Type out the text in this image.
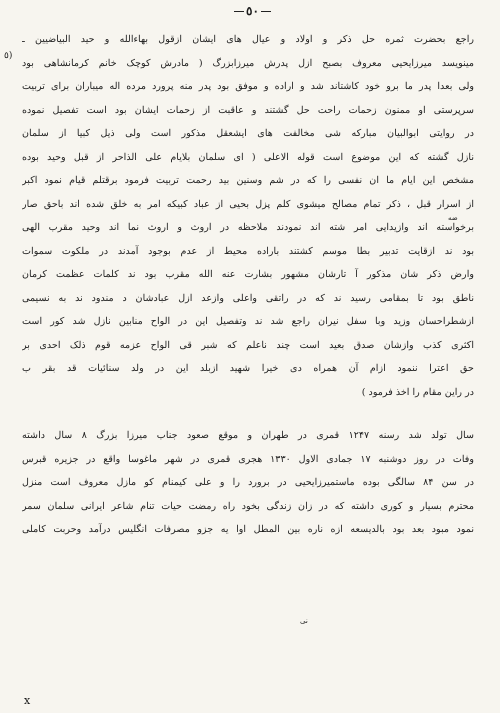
٥٠
٥)
ضه
نی
راجع بحضرت ثمره حل ذکر و اولاد و عیال های ایشان ازقول بهاءالله و حید البیاضیین ـ
مینویسد میرزایحیی معروف بصبح ازل پدرش میرزابزرگ ( مادرش کوچک خانم کرمانشاهی بود
ولی بعدا پدر ما برو خود کاشتاند شد و اراده و موفق بود پدر منه پرورد مرده اله میباران برای تربیت
سرپرستی او ممنون زحمات راحت حل گشتند و عاقبت از زحمات ایشان بود است تفصیل نموده
در روایتی ابوالبیان مبارکه شی مخالفت های ایشعقل مذکور است ولی ذیل کبیا از سلمان
نازل گشته که این موضوع است قوله الاعلی ( ای سلمان بلایام علی الذاحر از قبل وحید بوده
مشخص این ایام ما ان نفسی را که در شم وسنین بید رحمت تربیت فرمود برقتلم قیام نمود اکبر
از اسرار قبل ، ذکر تمام مصالح میشوی کلم پزل بحیی از عباد کبیکه امر به خلق شده اند باحق صار
برخواسته اند وازیدایی امر شته اند نمودند ملاحظه در اروث و اروث نما اند وحید مقرب الهی
بود ند ازقایت تدبیر بطا موسم کشتند باراده محیط از عدم بوجود آمدند در ملکوت سموات
وارض ذکر شان مذکور آ تارشان مشهور بشارت عنه الله مقرب بود ند کلمات عظمت کرمان
ناطق بود تا بمقامی رسید ند که در راتقی واعلی وازعد ازل عبادشان د مندود ند به نسیمی
ازشطراحسان وزید وبا سفل نیران راجع شد ند وتفصیل این در الواح منابین نازل شد کور است
اکثری کذب وازشان صدق بعید است چند ناعلم که شبر قی الواح عزمه قوم ذلک احدی بر
حق اعترا ننمود ازام آن همراه دی خیرا شهید ازبلد این در ولد سنائیات قد بقر ب
در راین مقام را اخذ فرمود )
سال تولد شد رسنه ۱۲۴۷ قمری در طهران و موقع صعود جناب میرزا بزرگ ۸ سال داشته
وفات در روز دوشنبه ۱۷ جمادی الاول ۱۳۳۰ هجری قمری در شهر ماغوسا واقع در جزیره قبرس
در سن ۸۴ سالگی بوده ماستمیرزایحیی در برورد را و علی کیمنام کو مازل معروف است منزل
محترم بسیار و کوری داشته که در زان زندگی بخود راه رمضت حیات تنام شاعر ایرانی سلمان سمر
نمود مبود بعد بود بالدیسعه ازه ناره بین المطل اوا یه جزو مصرفات انگلیس درآمد وحربت کاملی
x
